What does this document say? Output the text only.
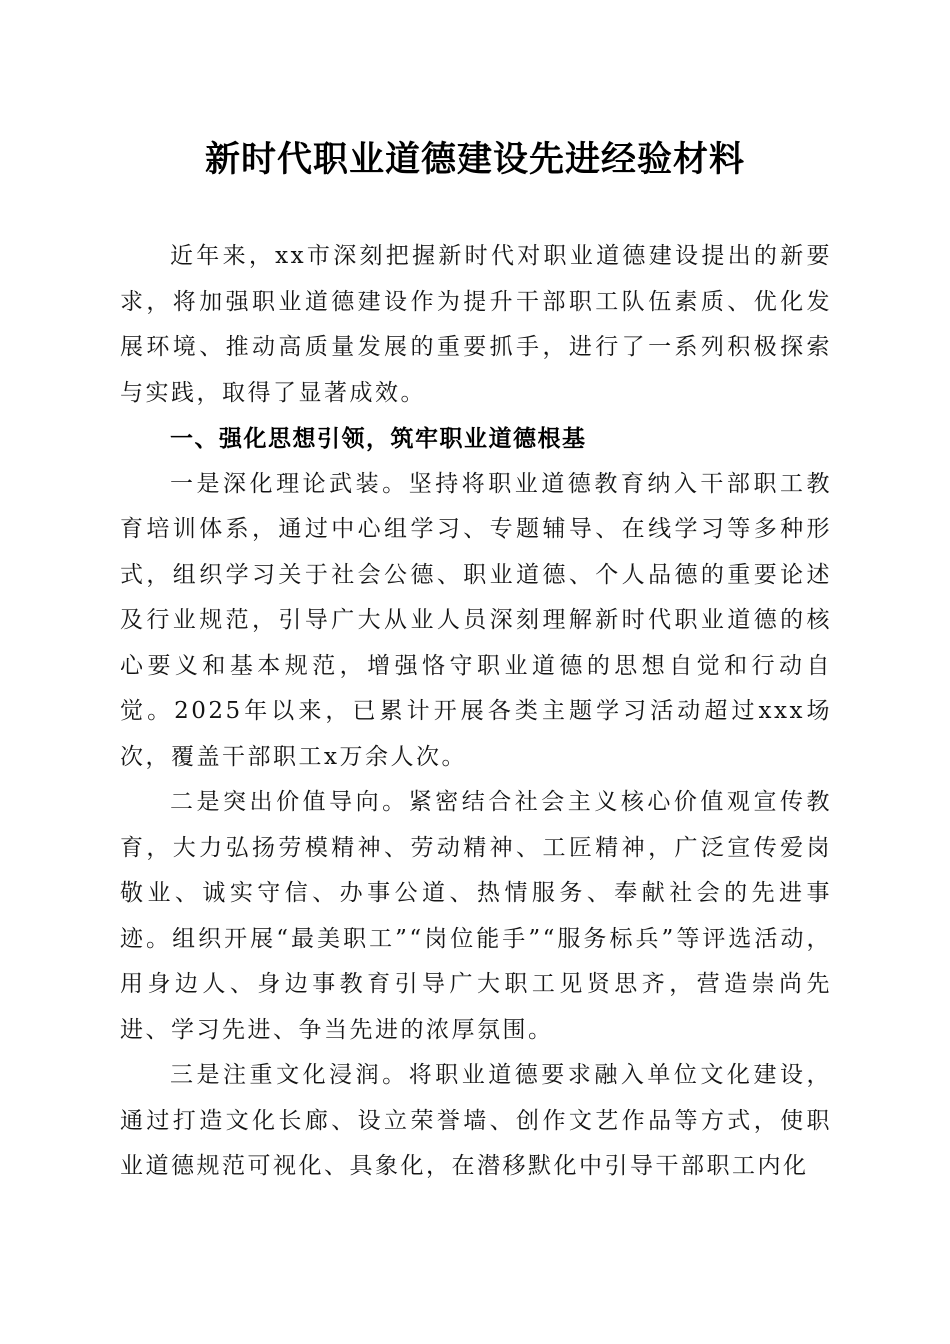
新时代职业道德建设先进经验材料

近年来，xx市深刻把握新时代对职业道德建设提出的新要求，将加强职业道德建设作为提升干部职工队伍素质、优化发展环境、推动高质量发展的重要抓手，进行了一系列积极探索与实践，取得了显著成效。

一、强化思想引领，筑牢职业道德根基

一是深化理论武装。坚持将职业道德教育纳入干部职工教育培训体系，通过中心组学习、专题辅导、在线学习等多种形式，组织学习关于社会公德、职业道德、个人品德的重要论述及行业规范，引导广大从业人员深刻理解新时代职业道德的核心要义和基本规范，增强恪守职业道德的思想自觉和行动自觉。2025年以来，已累计开展各类主题学习活动超过xxx场次，覆盖干部职工x万余人次。

二是突出价值导向。紧密结合社会主义核心价值观宣传教育，大力弘扬劳模精神、劳动精神、工匠精神，广泛宣传爱岗敬业、诚实守信、办事公道、热情服务、奉献社会的先进事迹。组织开展“最美职工”“岗位能手”“服务标兵”等评选活动，用身边人、身边事教育引导广大职工见贤思齐，营造崇尚先进、学习先进、争当先进的浓厚氛围。

三是注重文化浸润。将职业道德要求融入单位文化建设，通过打造文化长廊、设立荣誉墙、创作文艺作品等方式，使职业道德规范可视化、具象化，在潜移默化中引导干部职工内化
